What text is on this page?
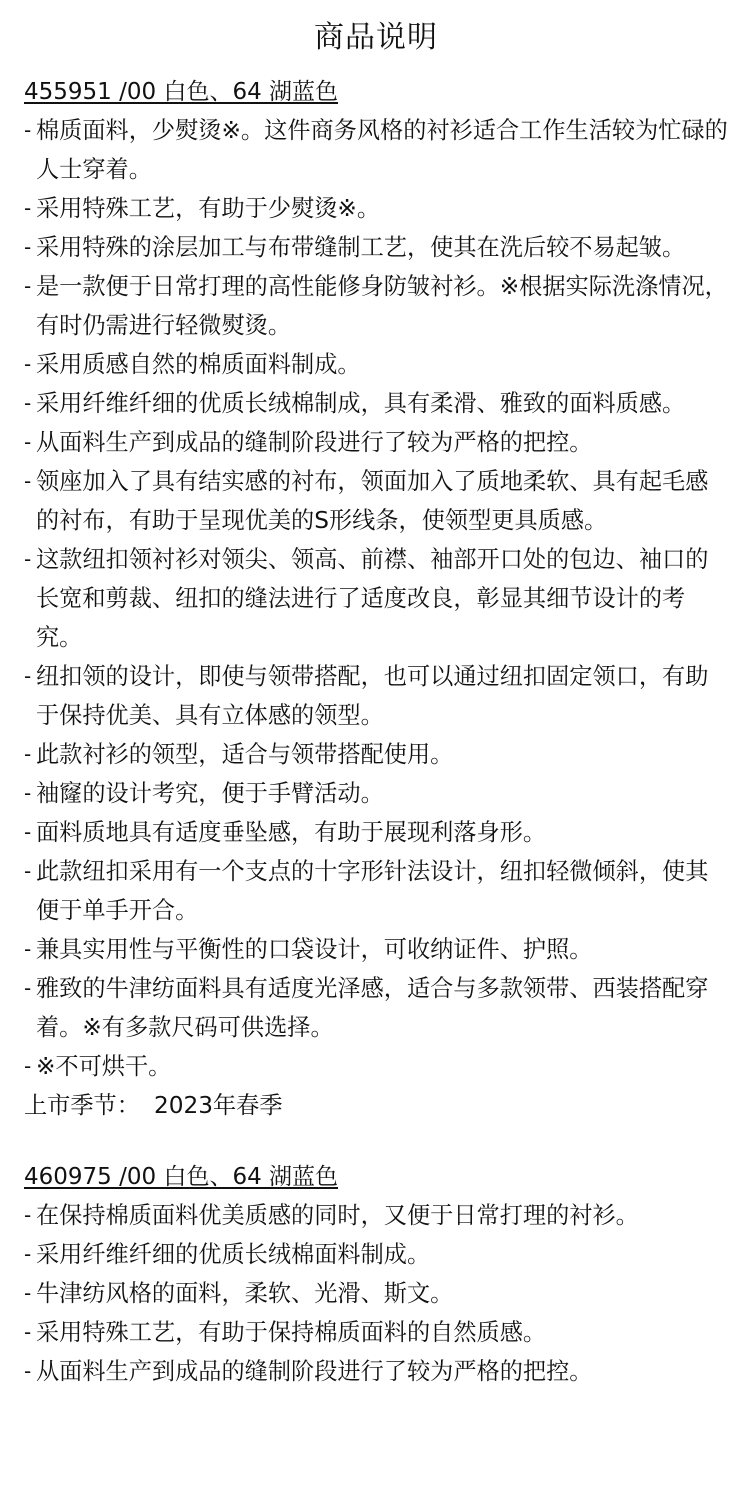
商品说明
455951 /00 白色、64 湖蓝色
- 棉质面料，少熨烫※。这件商务风格的衬衫适合工作生活较为忙碌的人士穿着。
- 采用特殊工艺，有助于少熨烫※。
- 采用特殊的涂层加工与布带缝制工艺，使其在洗后较不易起皱。
- 是一款便于日常打理的高性能修身防皱衬衫。※根据实际洗涤情况，有时仍需进行轻微熨烫。
- 采用质感自然的棉质面料制成。
- 采用纤维纤细的优质长绒棉制成，具有柔滑、雅致的面料质感。
- 从面料生产到成品的缝制阶段进行了较为严格的把控。
- 领座加入了具有结实感的衬布，领面加入了质地柔软、具有起毛感的衬布，有助于呈现优美的S形线条，使领型更具质感。
- 这款纽扣领衬衫对领尖、领高、前襟、袖部开口处的包边、袖口的长宽和剪裁、纽扣的缝法进行了适度改良，彰显其细节设计的考究。
- 纽扣领的设计，即使与领带搭配，也可以通过纽扣固定领口，有助于保持优美、具有立体感的领型。
- 此款衬衫的领型，适合与领带搭配使用。
- 袖窿的设计考究，便于手臂活动。
- 面料质地具有适度垂坠感，有助于展现利落身形。
- 此款纽扣采用有一个支点的十字形针法设计，纽扣轻微倾斜，使其便于单手开合。
- 兼具实用性与平衡性的口袋设计，可收纳证件、护照。
- 雅致的牛津纺面料具有适度光泽感，适合与多款领带、西装搭配穿着。※有多款尺码可供选择。
- ※不可烘干。
上市季节： 2023年春季
460975 /00 白色、64 湖蓝色
- 在保持棉质面料优美质感的同时，又便于日常打理的衬衫。
- 采用纤维纤细的优质长绒棉面料制成。
- 牛津纺风格的面料，柔软、光滑、斯文。
- 采用特殊工艺，有助于保持棉质面料的自然质感。
- 从面料生产到成品的缝制阶段进行了较为严格的把控。
